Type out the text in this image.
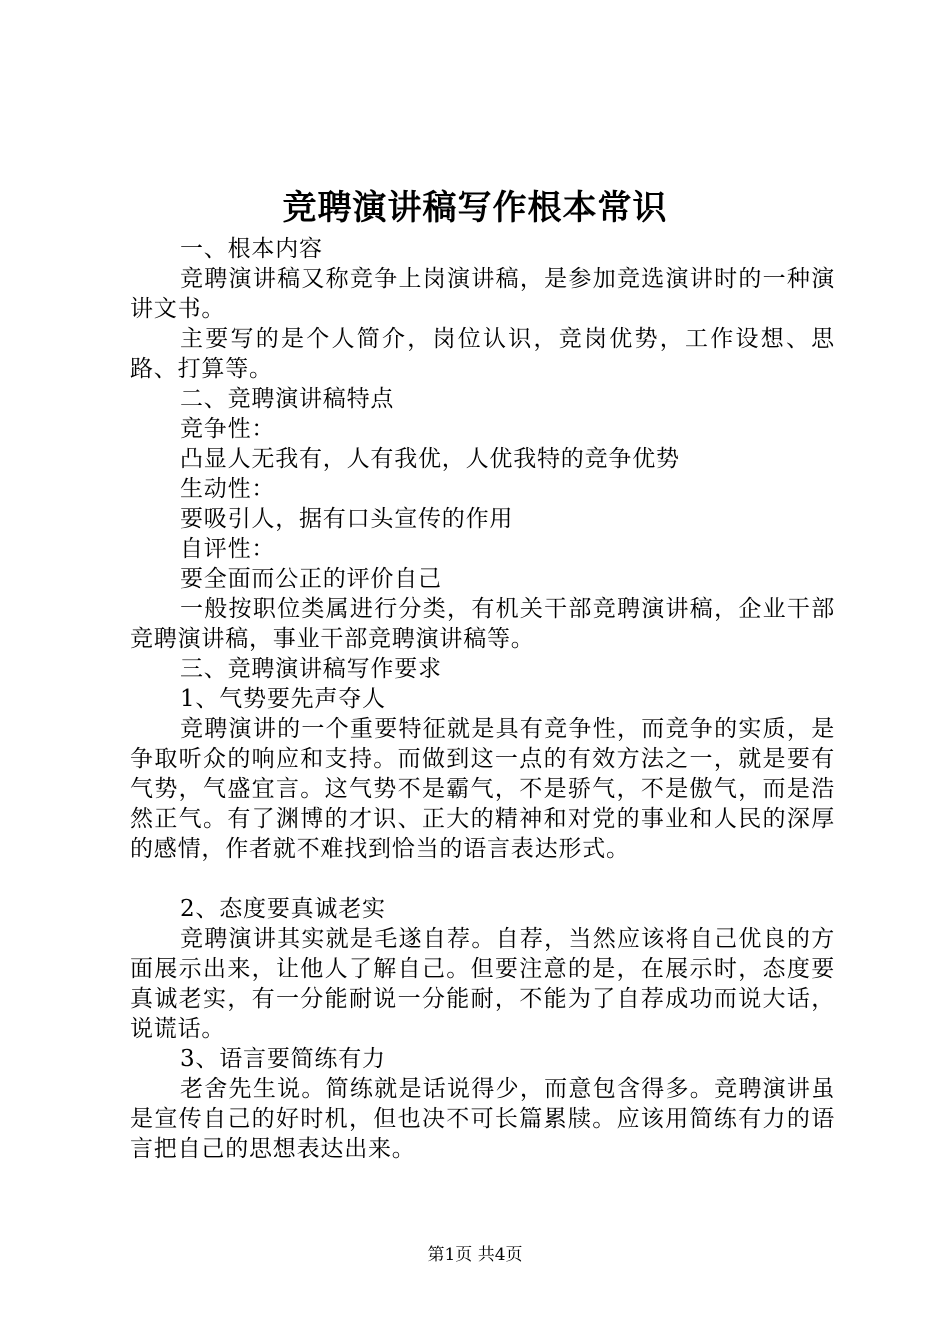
竞聘演讲稿写作根本常识

一、根本内容

竞聘演讲稿又称竞争上岗演讲稿，是参加竞选演讲时的一种演讲文书。

主要写的是个人简介，岗位认识，竞岗优势，工作设想、思路、打算等。

二、竞聘演讲稿特点

竞争性：

凸显人无我有，人有我优，人优我特的竞争优势

生动性：

要吸引人，据有口头宣传的作用

自评性：

要全面而公正的评价自己

一般按职位类属进行分类，有机关干部竞聘演讲稿，企业干部竞聘演讲稿，事业干部竞聘演讲稿等。

三、竞聘演讲稿写作要求

1、气势要先声夺人

竞聘演讲的一个重要特征就是具有竞争性，而竞争的实质，是争取听众的响应和支持。而做到这一点的有效方法之一，就是要有气势，气盛宜言。这气势不是霸气，不是骄气，不是傲气，而是浩然正气。有了渊博的才识、正大的精神和对党的事业和人民的深厚的感情，作者就不难找到恰当的语言表达形式。

2、态度要真诚老实

竞聘演讲其实就是毛遂自荐。自荐，当然应该将自己优良的方面展示出来，让他人了解自己。但要注意的是，在展示时，态度要真诚老实，有一分能耐说一分能耐，不能为了自荐成功而说大话，说谎话。

3、语言要简练有力

老舍先生说。简练就是话说得少，而意包含得多。竞聘演讲虽是宣传自己的好时机，但也决不可长篇累牍。应该用简练有力的语言把自己的思想表达出来。

第1页 共4页
